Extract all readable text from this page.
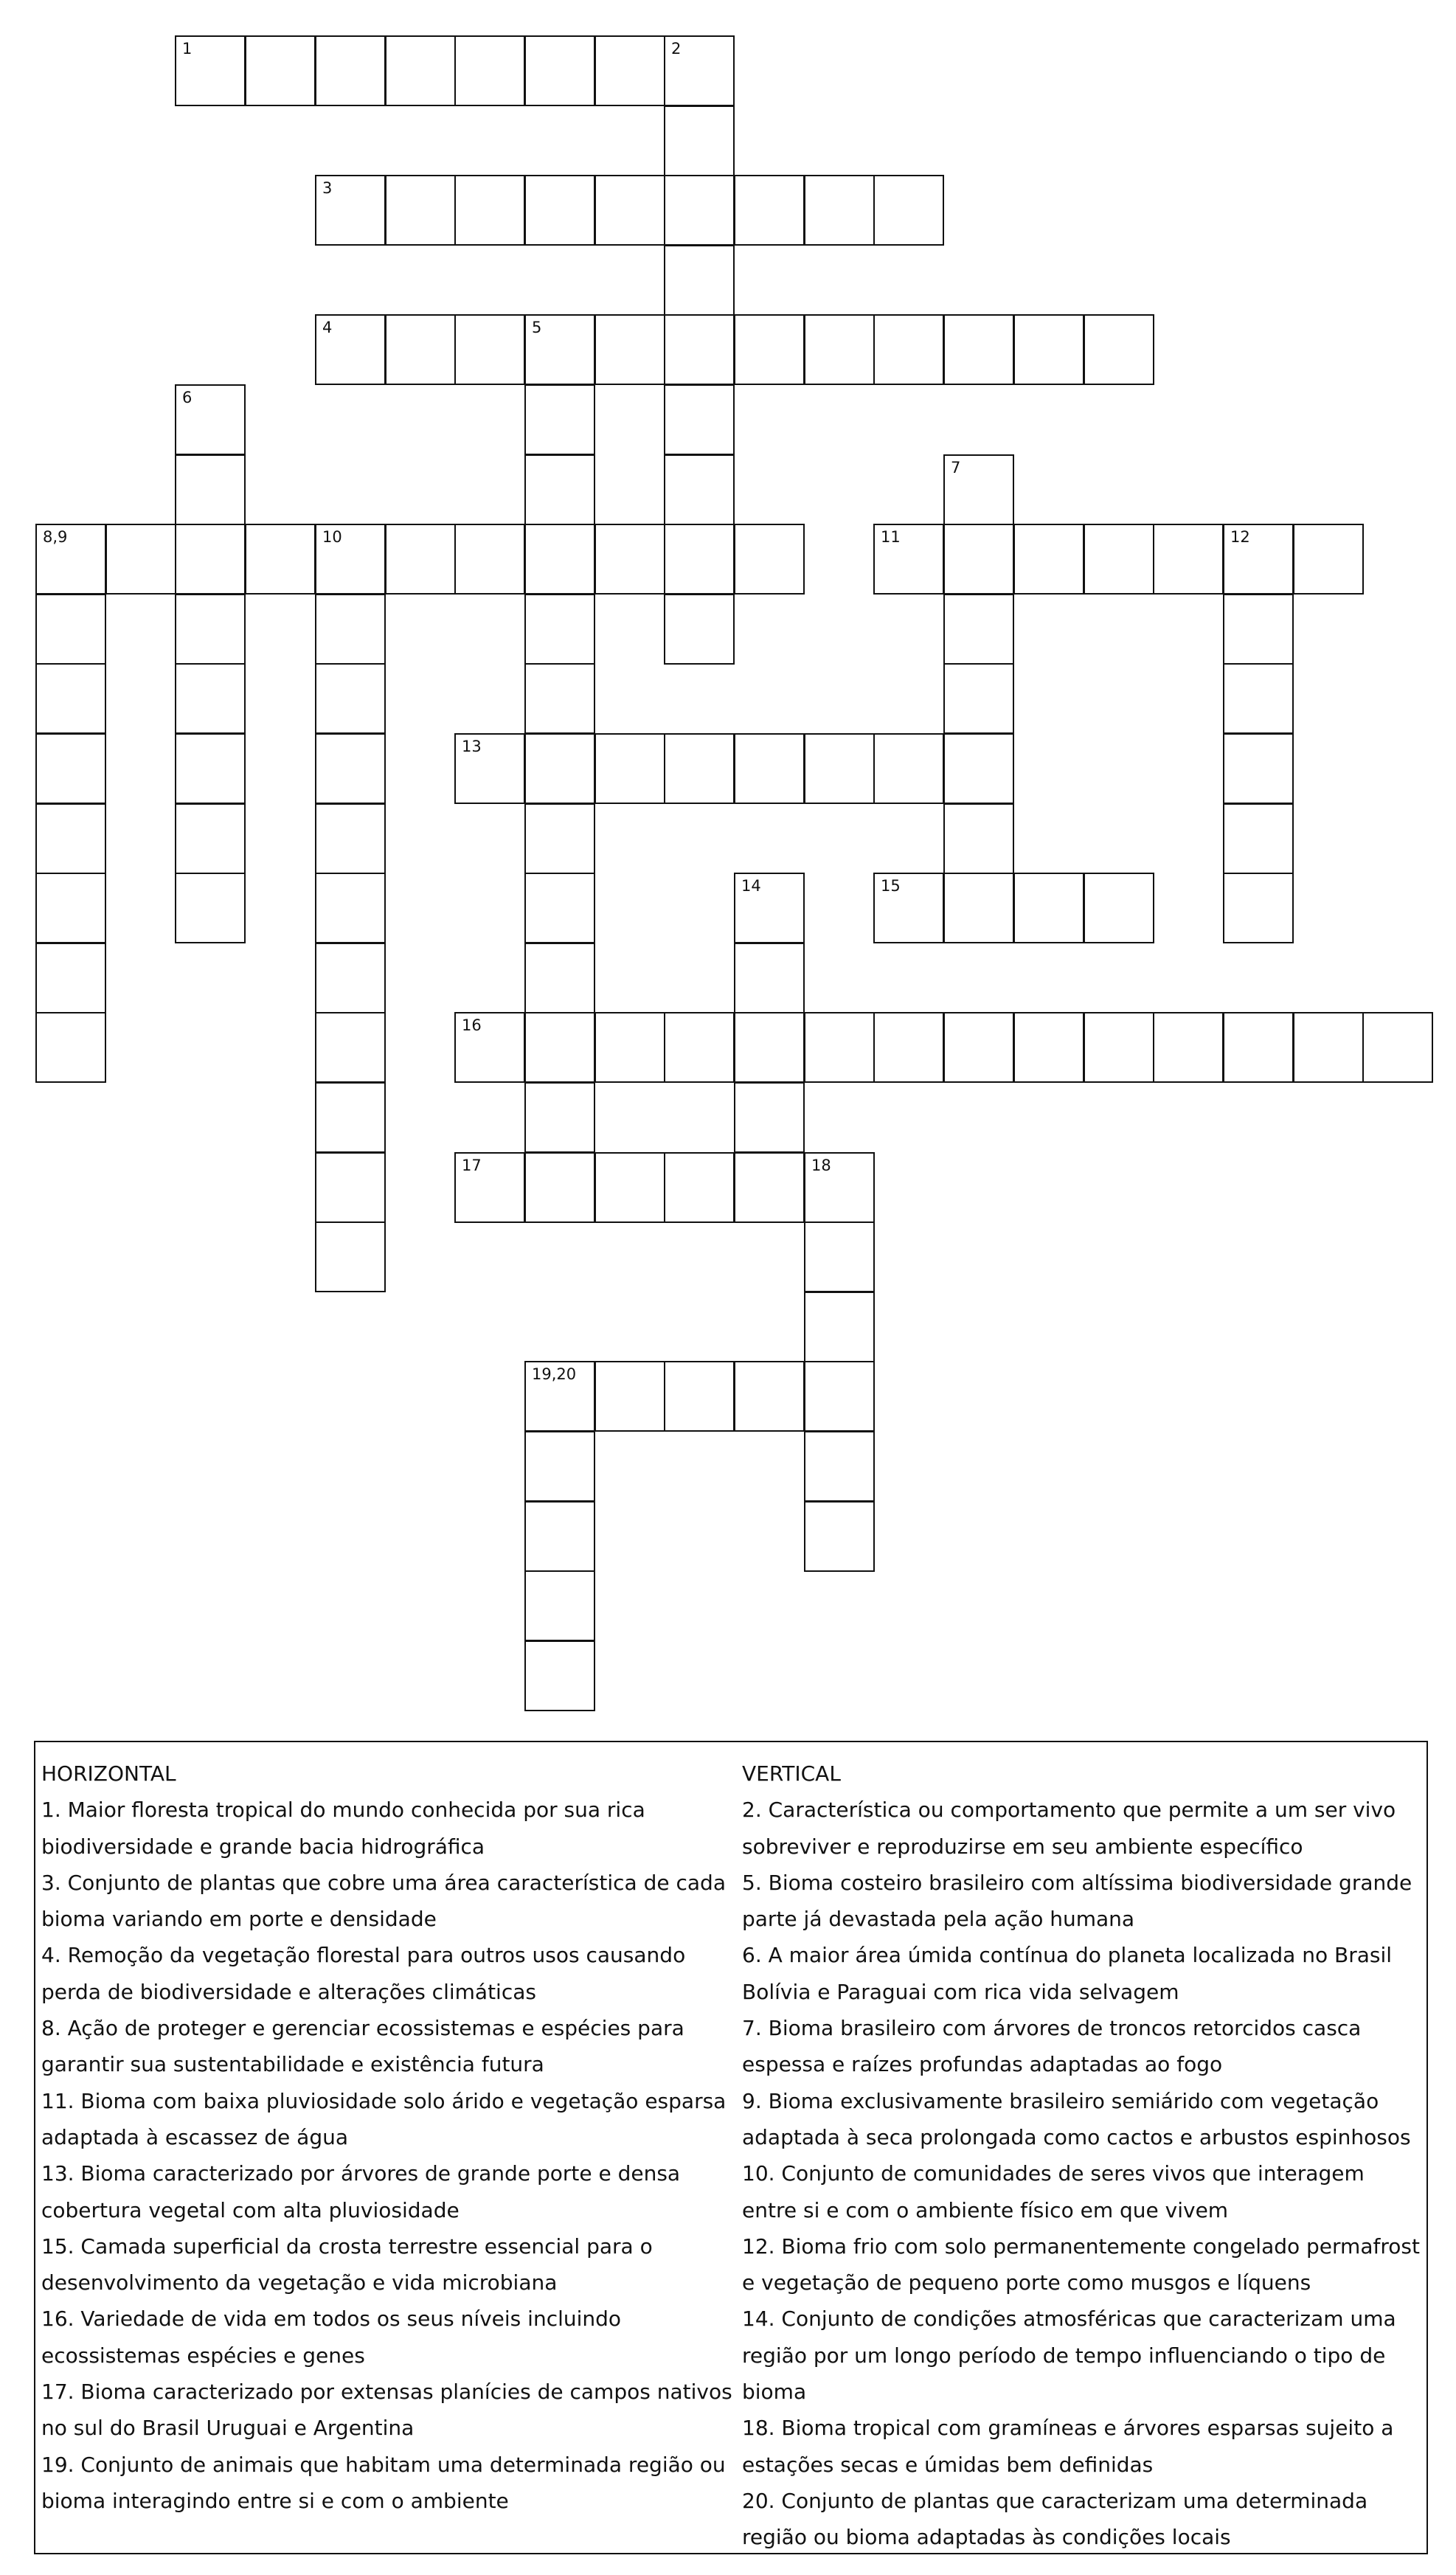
1	2
3
4	5
6
7
8,9	10	11	12
13
14	15
16
17	18
19,20
HORIZONTAL
1. Maior floresta tropical do mundo conhecida por sua rica biodiversidade e grande bacia hidrográfica
3. Conjunto de plantas que cobre uma área característica de cada bioma variando em porte e densidade
4. Remoção da vegetação florestal para outros usos causando perda de biodiversidade e alterações climáticas
8. Ação de proteger e gerenciar ecossistemas e espécies para garantir sua sustentabilidade e existência futura
11. Bioma com baixa pluviosidade solo árido e vegetação esparsa adaptada à escassez de água
13. Bioma caracterizado por árvores de grande porte e densa cobertura vegetal com alta pluviosidade
15. Camada superficial da crosta terrestre essencial para o desenvolvimento da vegetação e vida microbiana
16. Variedade de vida em todos os seus níveis incluindo ecossistemas espécies e genes
17. Bioma caracterizado por extensas planícies de campos nativos no sul do Brasil Uruguai e Argentina
19. Conjunto de animais que habitam uma determinada região ou bioma interagindo entre si e com o ambiente
VERTICAL
2. Característica ou comportamento que permite a um ser vivo sobreviver e reproduzirse em seu ambiente específico
5. Bioma costeiro brasileiro com altíssima biodiversidade grande parte já devastada pela ação humana
6. A maior área úmida contínua do planeta localizada no Brasil Bolívia e Paraguai com rica vida selvagem
7. Bioma brasileiro com árvores de troncos retorcidos casca espessa e raízes profundas adaptadas ao fogo
9. Bioma exclusivamente brasileiro semiárido com vegetação adaptada à seca prolongada como cactos e arbustos espinhosos
10. Conjunto de comunidades de seres vivos que interagem entre si e com o ambiente físico em que vivem
12. Bioma frio com solo permanentemente congelado permafrost e vegetação de pequeno porte como musgos e líquens
14. Conjunto de condições atmosféricas que caracterizam uma região por um longo período de tempo influenciando o tipo de bioma
18. Bioma tropical com gramíneas e árvores esparsas sujeito a estações secas e úmidas bem definidas
20. Conjunto de plantas que caracterizam uma determinada região ou bioma adaptadas às condições locais
